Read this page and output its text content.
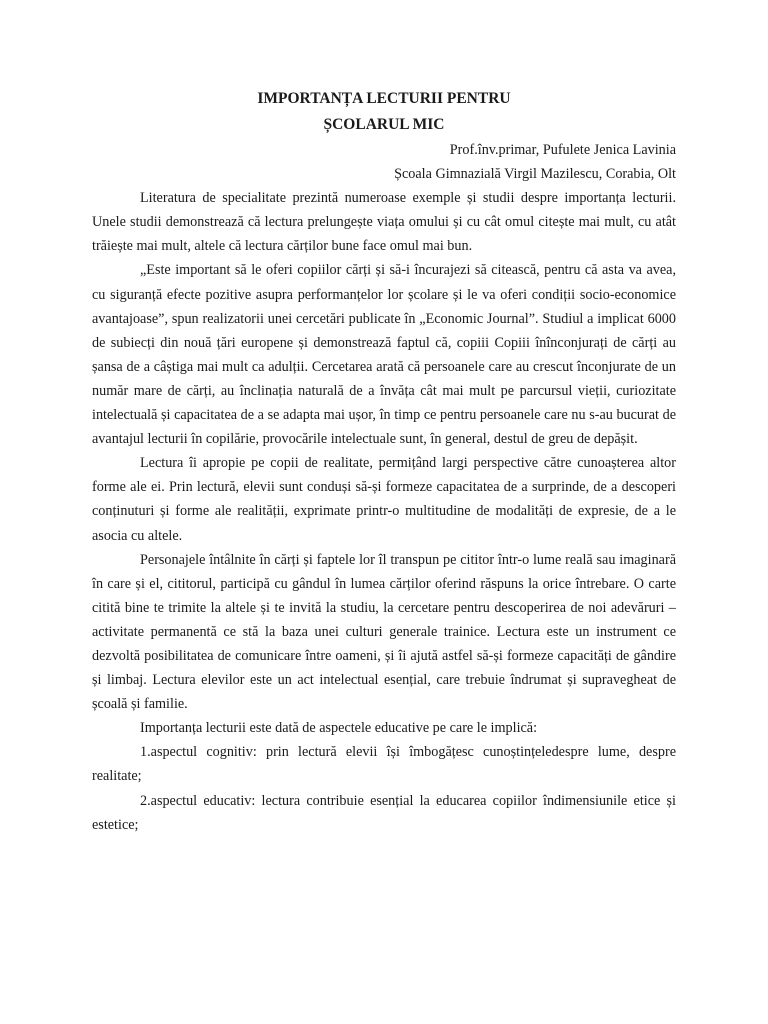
IMPORTANȚA LECTURII PENTRU
ȘCOLARUL MIC

Prof.înv.primar, Pufulete Jenica Lavinia

Școala Gimnazială Virgil Mazilescu, Corabia, Olt

Literatura de specialitate prezintă numeroase exemple și studii despre importanța lecturii. Unele studii demonstrează că lectura prelungește viața omului și cu cât omul citește mai mult, cu atât trăiește mai mult, altele că lectura cărților bune face omul mai bun.

„Este important să le oferi copiilor cărți și să-i încurajezi să citească, pentru că asta va avea, cu siguranță efecte pozitive asupra performanțelor lor școlare și le va oferi condiții socio-economice avantajoase”, spun realizatorii unei cercetări publicate în „Economic Journal”. Studiul a implicat 6000 de subiecți din nouă țări europene și demonstrează faptul că, copiii Copiii înînconjurați de cărți au șansa de a câștiga mai mult ca adulții. Cercetarea arată că persoanele care au crescut înconjurate de un număr mare de cărți, au înclinația naturală de a învăța cât mai mult pe parcursul vieții, curiozitate intelectuală și capacitatea de a se adapta mai ușor, în timp ce pentru persoanele care nu s-au bucurat de avantajul lecturii în copilărie, provocările intelectuale sunt, în general, destul de greu de depășit.

Lectura îi apropie pe copii de realitate, permițând largi perspective către cunoașterea altor forme ale ei. Prin lectură, elevii sunt conduși să-și formeze capacitatea de a surprinde, de a descoperi conținuturi și forme ale realității, exprimate printr-o multitudine de modalități de expresie, de a le asocia cu altele.

Personajele întâlnite în cărți și faptele lor îl transpun pe cititor într-o lume reală sau imaginară în care și el, cititorul, participă cu gândul în lumea cărților oferind răspuns la orice întrebare. O carte citită bine te trimite la altele și te invită la studiu, la cercetare pentru descoperirea de noi adevăruri – activitate permanentă ce stă la baza unei culturi generale trainice. Lectura este un instrument ce dezvoltă posibilitatea de comunicare între oameni, și îi ajută astfel să-și formeze capacități de gândire și limbaj. Lectura elevilor este un act intelectual esențial, care trebuie îndrumat și supravegheat de școală și familie.

Importanța lecturii este dată de aspectele educative pe care le implică:

1.aspectul cognitiv: prin lectură elevii își îmbogățesc cunoștințeledespre lume, despre realitate;

2.aspectul educativ: lectura contribuie esențial la educarea copiilor îndimensiunile etice și estetice;
